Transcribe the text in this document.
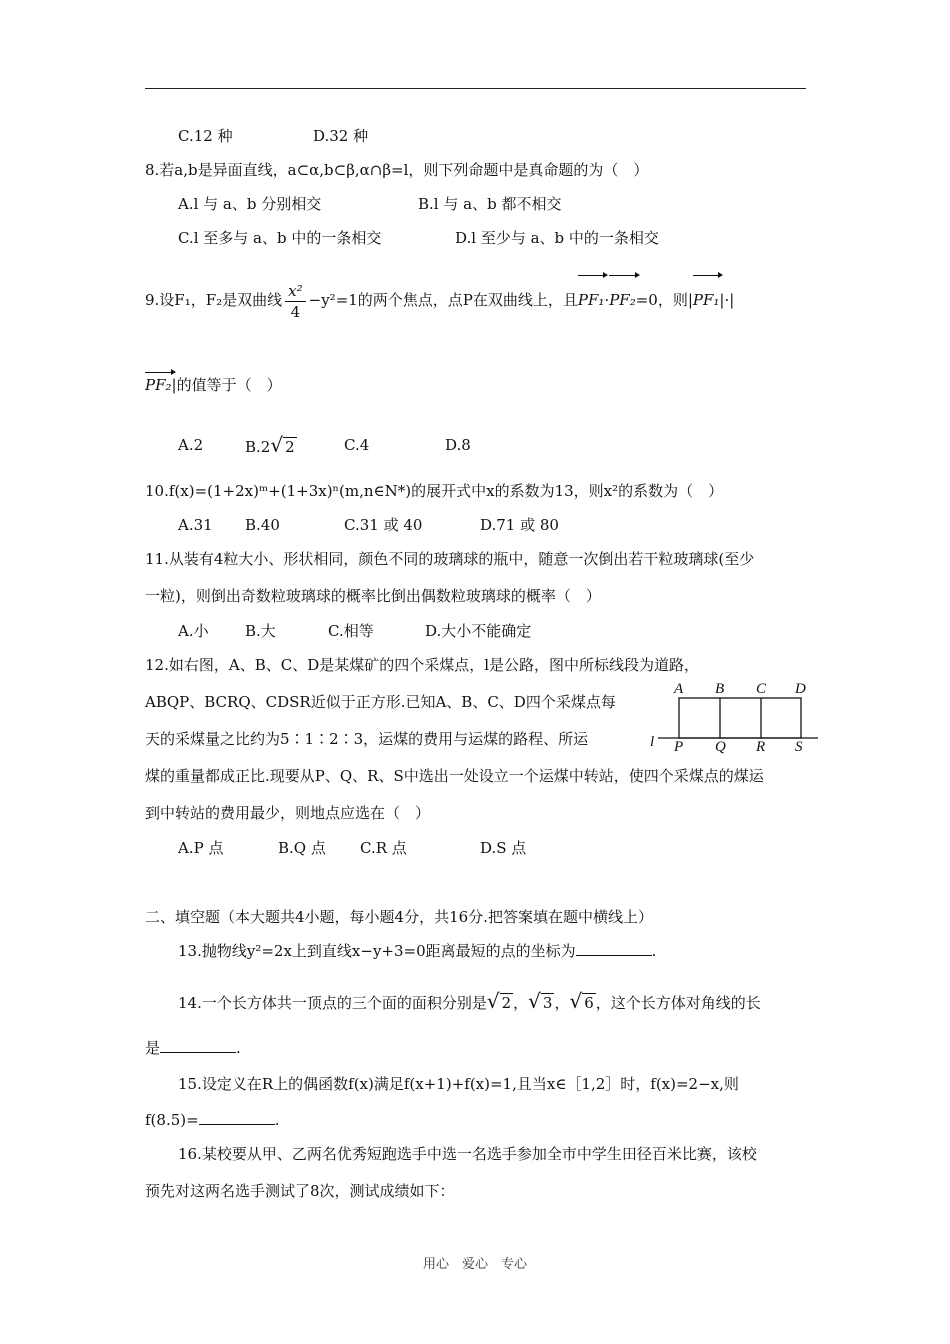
C.12 种	D.32 种
8.若a,b是异面直线，a⊂α,b⊂β,α∩β=l，则下列命题中是真命题的为（　）
A.l 与 a、b 分别相交	B.l 与 a、b 都不相交
C.l 至多与 a、b 中的一条相交	D.l 至少与 a、b 中的一条相交
9.设F₁，F₂是双曲线 $\frac{\text{x²}}{4} -y^2=1$的两个焦点，点P在双曲线上，且PF₁·PF₂=0，则|PF₁|·|
PF₂|的值等于（　）
A.2	B.2√ 2	C.4	D.8
10.f(x)=(1+2x)ᵐ+(1+3x)ⁿ(m,n∈N*)的展开式中x的系数为13，则x²的系数为（　）
A.31 B.40	C.31 或 40	D.71 或 80
11.从装有4粒大小、形状相同，颜色不同的玻璃球的瓶中，随意一次倒出若干粒玻璃球(至少
一粒)，则倒出奇数粒玻璃球的概率比倒出偶数粒玻璃球的概率（　）
A.小 B.大	C.相等	D.大小不能确定
12.如右图，A、B、C、D是某煤矿的四个采煤点，l是公路，图中所标线段为道路，
ABQP、BCRQ、CDSR近似于正方形.已知A、B、C、D四个采煤点每
天的采煤量之比约为5∶1∶2∶3，运煤的费用与运煤的路程、所运
煤的重量都成正比.现要从P、Q、R、S中选出一处设立一个运煤中转站，使四个采煤点的煤运
到中转站的费用最少，则地点应选在（　）
A.P 点	B.Q 点 C.R 点	D.S 点
A B C D
l P Q R S
二、填空题（本大题共4小题，每小题4分，共16分.把答案填在题中横线上）
13.抛物线y²=2x上到直线x−y+3=0距离最短的点的坐标为	.
14.一个长方体共一顶点的三个面的面积分别是√ 2 ，√ 3 ，√ 6 ，这个长方体对角线的长
是	.
15.设定义在R上的偶函数f(x)满足f(x+1)+f(x)=1,且当x∈［1,2］时，f(x)=2−x,则
f(8.5)=	.
16.某校要从甲、乙两名优秀短跑选手中选一名选手参加全市中学生田径百米比赛，该校
预先对这两名选手测试了8次，测试成绩如下：
用心　爱心　专心
